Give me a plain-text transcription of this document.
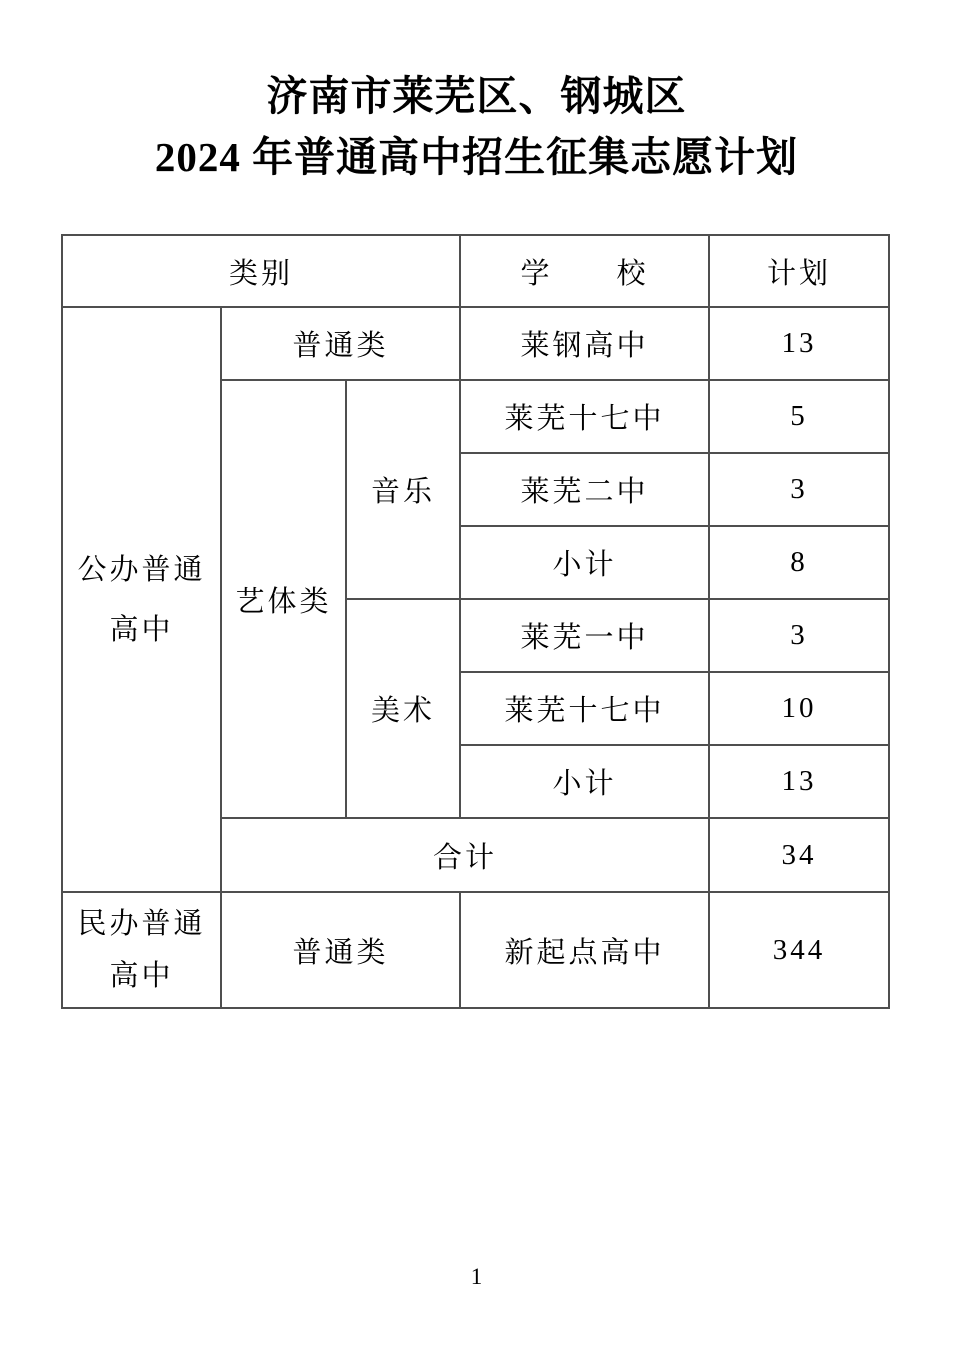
济南市莱芜区、钢城区
2024 年普通高中招生征集志愿计划
类别			学　　校	计划

公办普通
高中	普通类		莱钢高中	13
	艺体类	音乐	莱芜十七中	5
			莱芜二中	3
			小计	8
		美术	莱芜一中	3
			莱芜十七中	10
			小计	13
	合计			34

民办普通
高中	普通类		新起点高中	344
1
